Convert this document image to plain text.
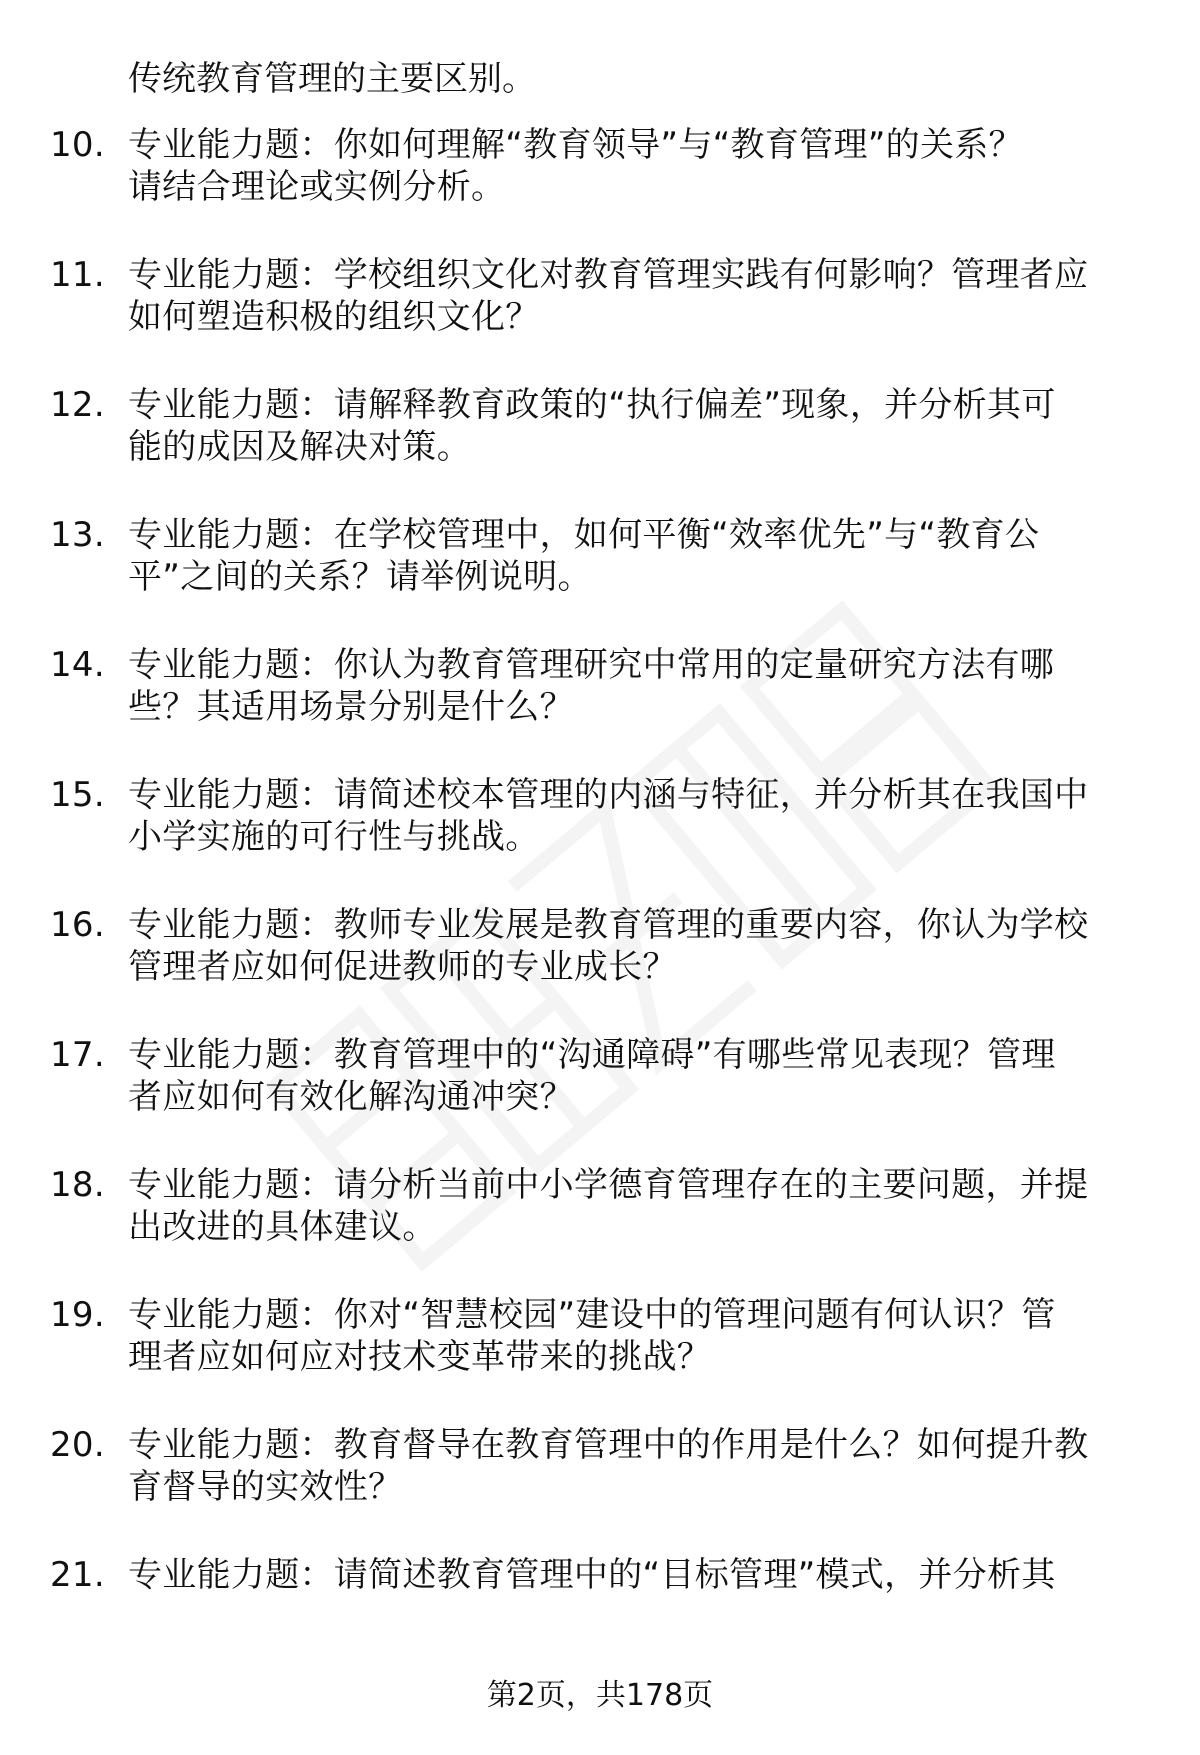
传统教育管理的主要区别。
10. 专业能力题：你如何理解“教育领导”与“教育管理”的关系？
请结合理论或实例分析。
11. 专业能力题：学校组织文化对教育管理实践有何影响？管理者应
如何塑造积极的组织文化？
12. 专业能力题：请解释教育政策的“执行偏差”现象，并分析其可
能的成因及解决对策。
13. 专业能力题：在学校管理中，如何平衡“效率优先”与“教育公
平”之间的关系？请举例说明。
14. 专业能力题：你认为教育管理研究中常用的定量研究方法有哪
些？其适用场景分别是什么？
15. 专业能力题：请简述校本管理的内涵与特征，并分析其在我国中
小学实施的可行性与挑战。
16. 专业能力题：教师专业发展是教育管理的重要内容，你认为学校
管理者应如何促进教师的专业成长？
17. 专业能力题：教育管理中的“沟通障碍”有哪些常见表现？管理
者应如何有效化解沟通冲突？
18. 专业能力题：请分析当前中小学德育管理存在的主要问题，并提
出改进的具体建议。
19. 专业能力题：你对“智慧校园”建设中的管理问题有何认识？管
理者应如何应对技术变革带来的挑战？
20. 专业能力题：教育督导在教育管理中的作用是什么？如何提升教
育督导的实效性？
21. 专业能力题：请简述教育管理中的“目标管理”模式，并分析其
第2页，共178页
